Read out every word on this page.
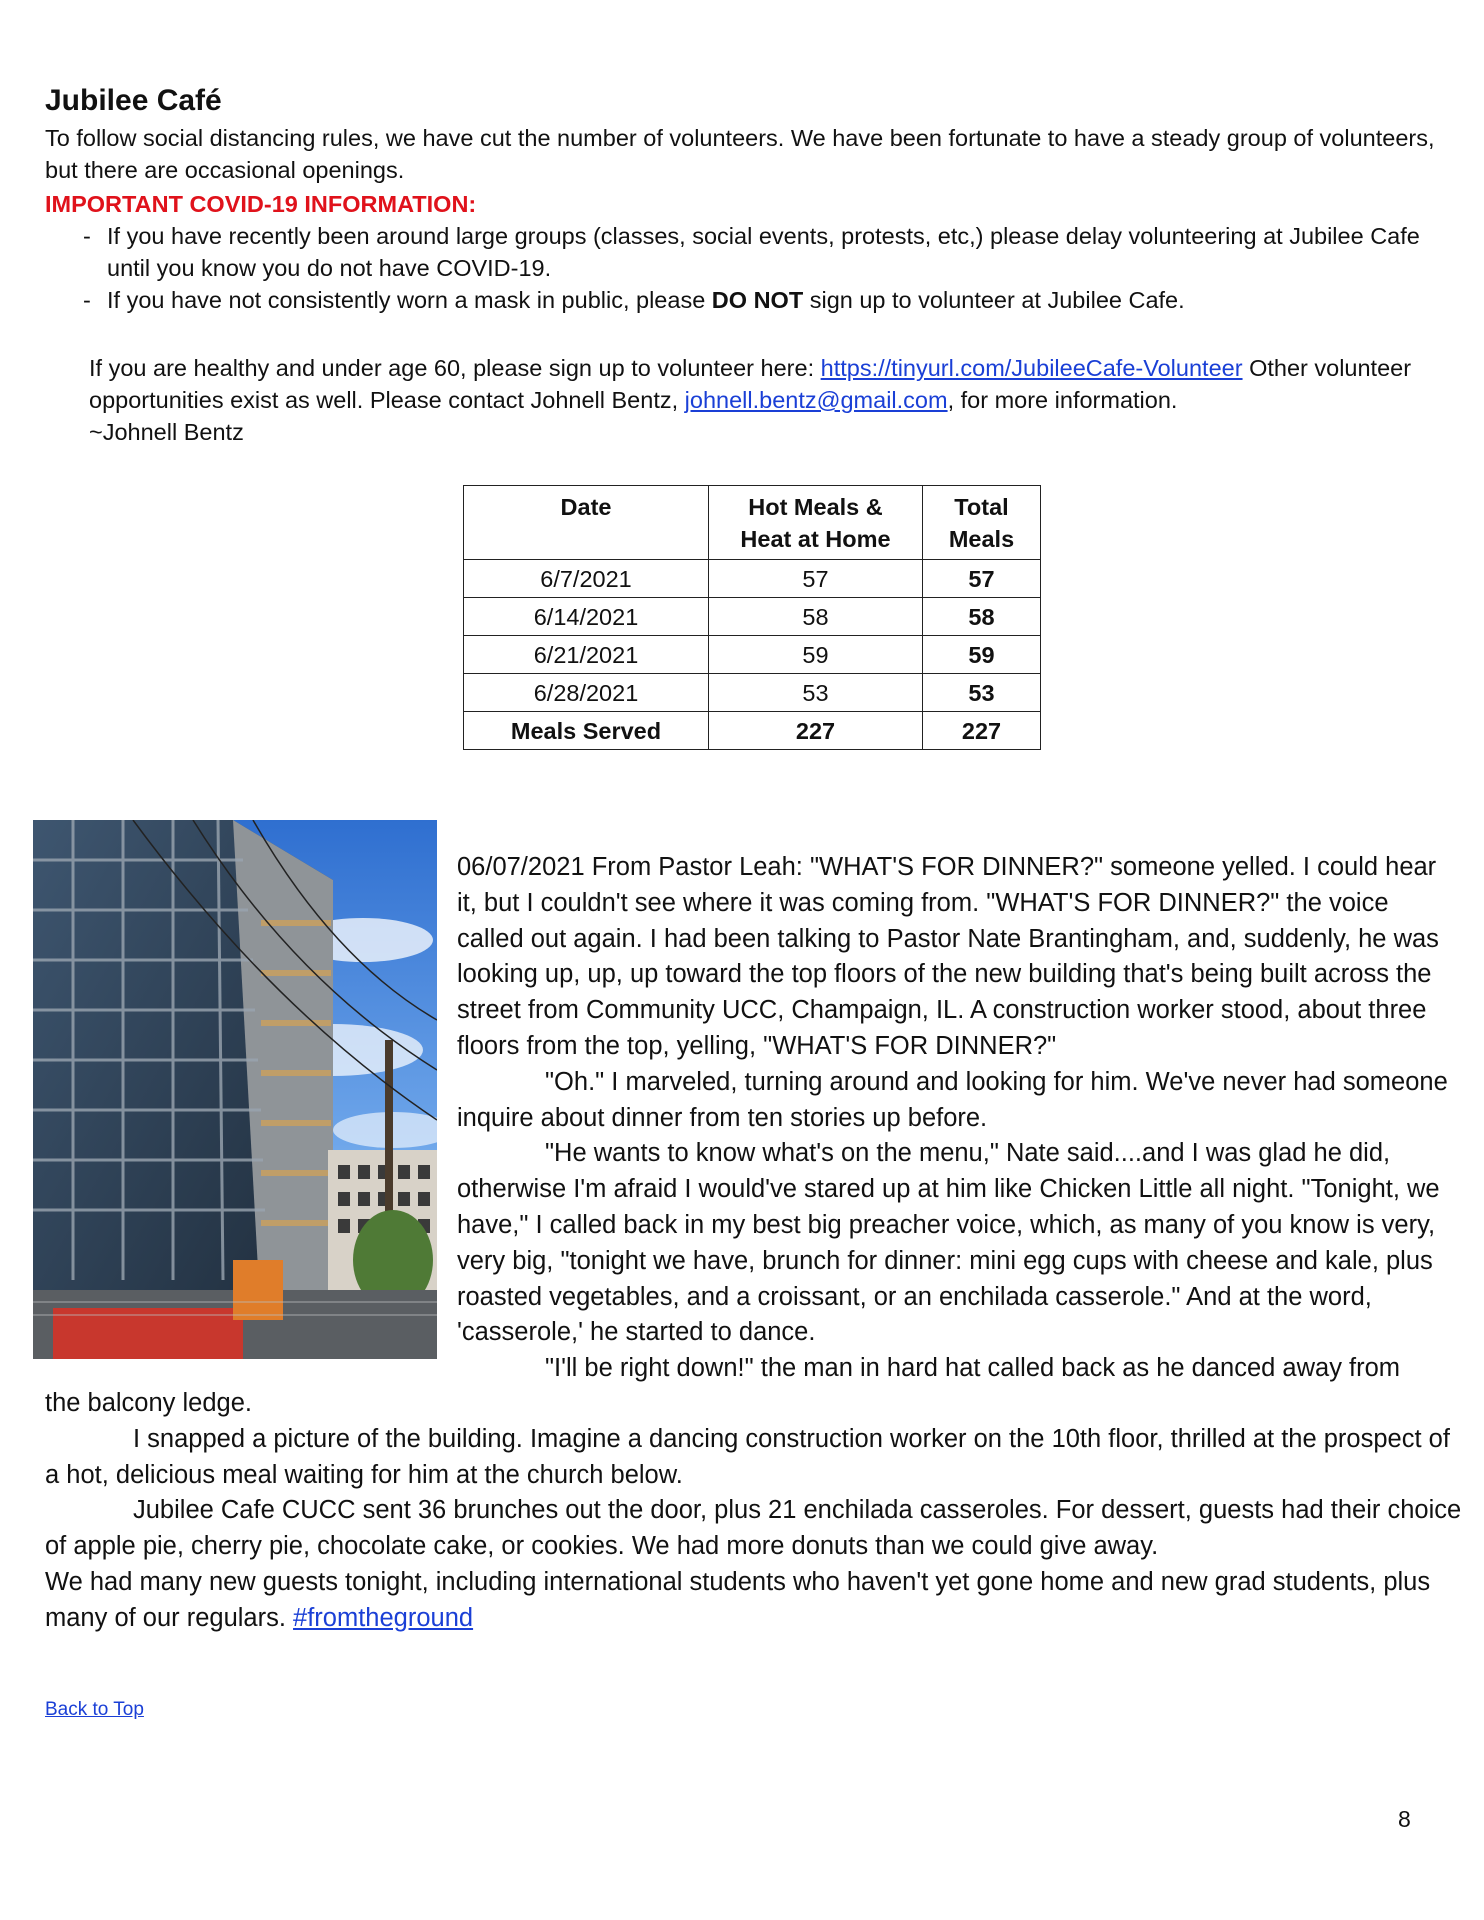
Jubilee Café
To follow social distancing rules, we have cut the number of volunteers. We have been fortunate to have a steady group of volunteers, but there are occasional openings.
IMPORTANT COVID-19 INFORMATION:
- If you have recently been around large groups (classes, social events, protests, etc,) please delay volunteering at Jubilee Cafe until you know you do not have COVID-19.
- If you have not consistently worn a mask in public, please DO NOT sign up to volunteer at Jubilee Cafe.
If you are healthy and under age 60, please sign up to volunteer here: https://tinyurl.com/JubileeCafe-Volunteer Other volunteer opportunities exist as well. Please contact Johnell Bentz, johnell.bentz@gmail.com, for more information.
~Johnell Bentz
Date	Hot Meals & Heat at Home	Total Meals
6/7/2021	57	57
6/14/2021	58	58
6/21/2021	59	59
6/28/2021	53	53
Meals Served	227	227

06/07/2021 From Pastor Leah: "WHAT'S FOR DINNER?" someone yelled. I could hear it, but I couldn't see where it was coming from. "WHAT'S FOR DINNER?" the voice called out again. I had been talking to Pastor Nate Brantingham, and, suddenly, he was looking up, up, up toward the top floors of the new building that's being built across the street from Community UCC, Champaign, IL. A construction worker stood, about three floors from the top, yelling, "WHAT'S FOR DINNER?"

"Oh." I marveled, turning around and looking for him. We've never had someone inquire about dinner from ten stories up before.

"He wants to know what's on the menu," Nate said....and I was glad he did, otherwise I'm afraid I would've stared up at him like Chicken Little all night. "Tonight, we have," I called back in my best big preacher voice, which, as many of you know is very, very big, "tonight we have, brunch for dinner: mini egg cups with cheese and kale, plus roasted vegetables, and a croissant, or an enchilada casserole." And at the word, 'casserole,' he started to dance.

"I'll be right down!" the man in hard hat called back as he danced away from

the balcony ledge.

I snapped a picture of the building. Imagine a dancing construction worker on the 10th floor, thrilled at the prospect of a hot, delicious meal waiting for him at the church below.

Jubilee Cafe CUCC sent 36 brunches out the door, plus 21 enchilada casseroles. For dessert, guests had their choice of apple pie, cherry pie, chocolate cake, or cookies. We had more donuts than we could give away.

We had many new guests tonight, including international students who haven't yet gone home and new grad students, plus many of our regulars. #fromtheground

Back to Top
8
